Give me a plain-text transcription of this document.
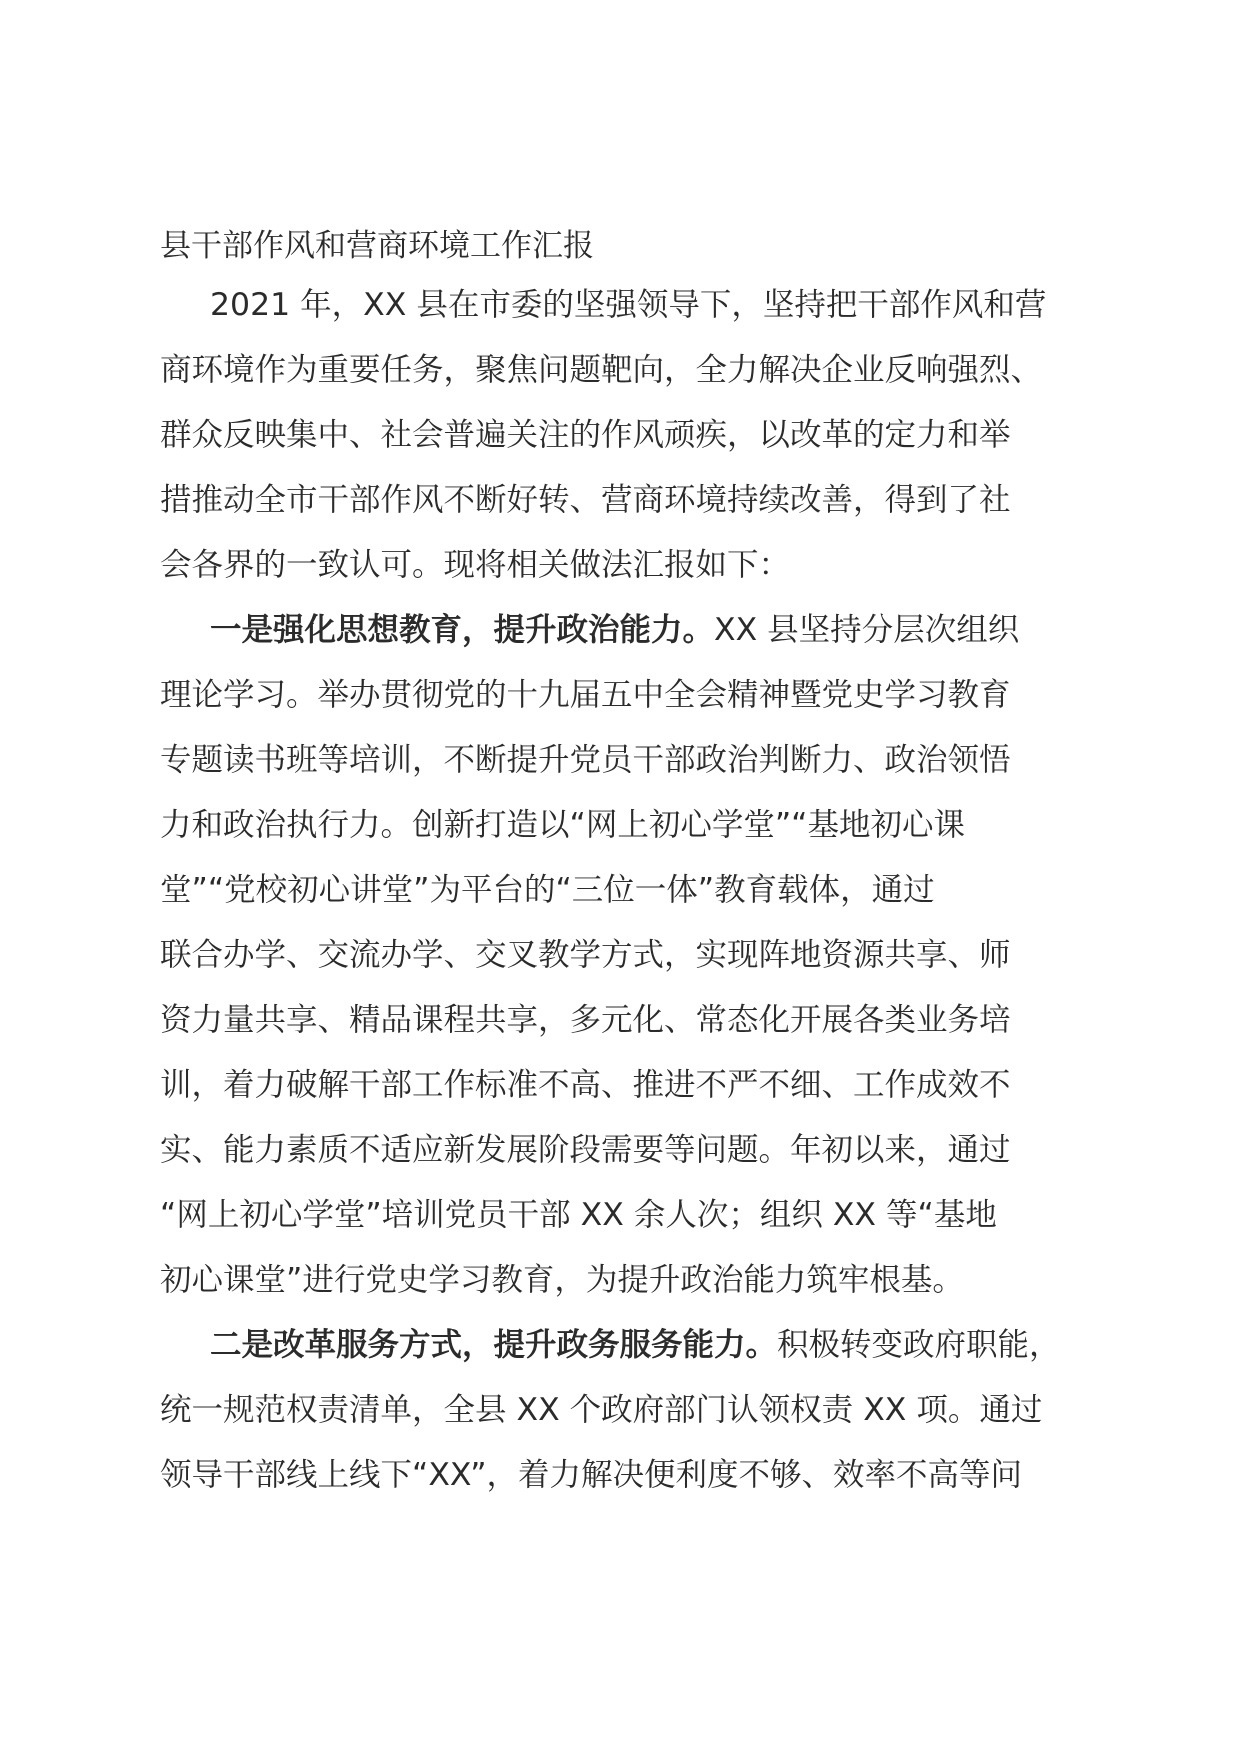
县干部作风和营商环境工作汇报
2021 年，XX 县在市委的坚强领导下，坚持把干部作风和营
商环境作为重要任务，聚焦问题靶向，全力解决企业反响强烈、
群众反映集中、社会普遍关注的作风顽疾，以改革的定力和举
措推动全市干部作风不断好转、营商环境持续改善，得到了社
会各界的一致认可。现将相关做法汇报如下：
一是强化思想教育，提升政治能力。XX 县坚持分层次组织
理论学习。举办贯彻党的十九届五中全会精神暨党史学习教育
专题读书班等培训，不断提升党员干部政治判断力、政治领悟
力和政治执行力。创新打造以“网上初心学堂”“基地初心课
堂”“党校初心讲堂”为平台的“三位一体”教育载体，通过
联合办学、交流办学、交叉教学方式，实现阵地资源共享、师
资力量共享、精品课程共享，多元化、常态化开展各类业务培
训，着力破解干部工作标准不高、推进不严不细、工作成效不
实、能力素质不适应新发展阶段需要等问题。年初以来，通过
“网上初心学堂”培训党员干部 XX 余人次；组织 XX 等“基地
初心课堂”进行党史学习教育，为提升政治能力筑牢根基。
二是改革服务方式，提升政务服务能力。积极转变政府职能，
统一规范权责清单，全县 XX 个政府部门认领权责 XX 项。通过
领导干部线上线下“XX”，着力解决便利度不够、效率不高等问
